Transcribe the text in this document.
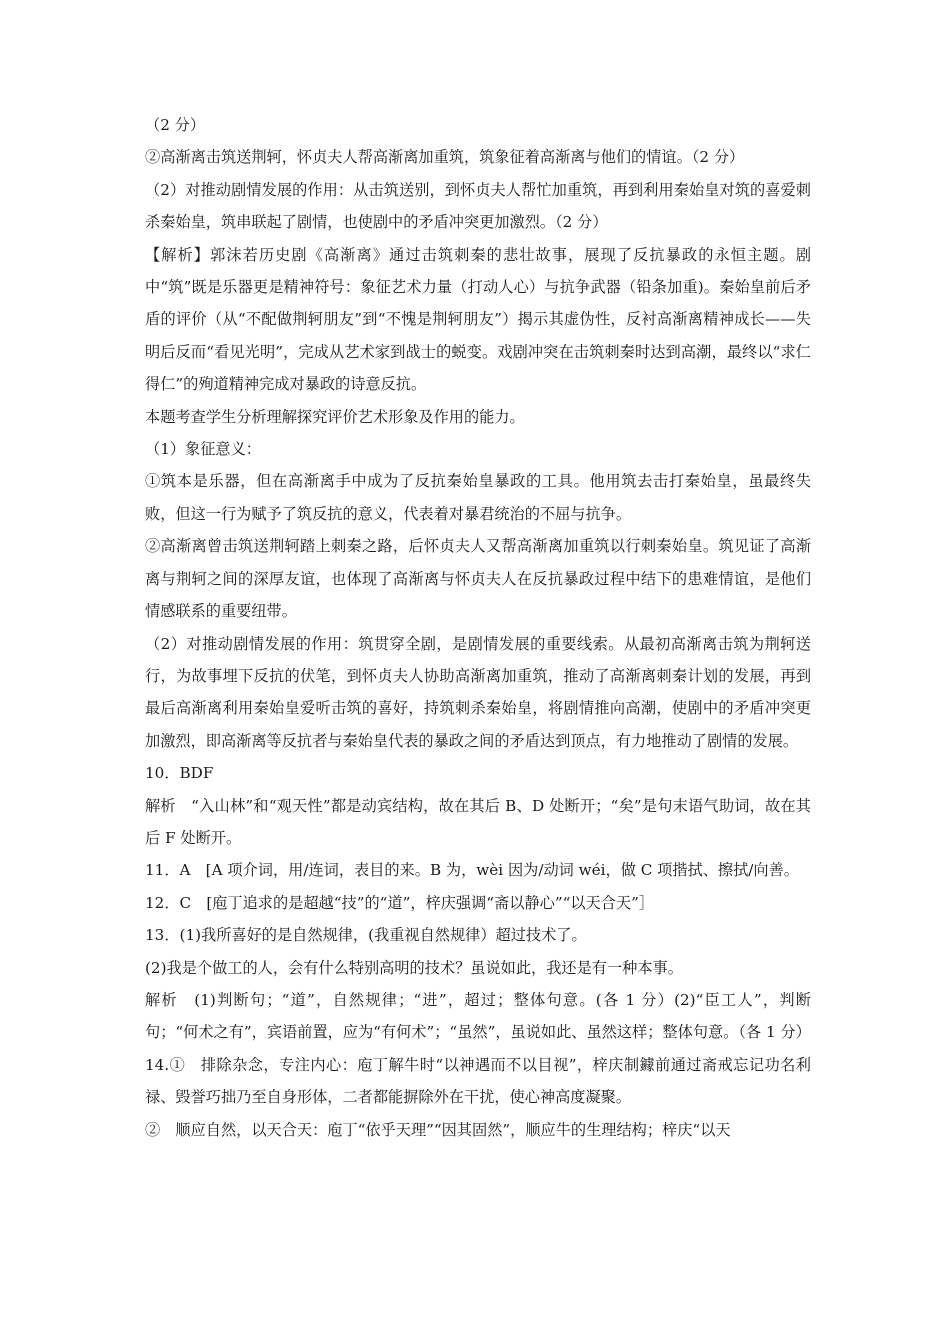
（2 分）

②高渐离击筑送荆轲，怀贞夫人帮高渐离加重筑，筑象征着高渐离与他们的情谊。（2 分）

（2）对推动剧情发展的作用：从击筑送别，到怀贞夫人帮忙加重筑，再到利用秦始皇对筑的喜爱刺杀秦始皇，筑串联起了剧情，也使剧中的矛盾冲突更加激烈。（2 分）

【解析】郭沫若历史剧《高渐离》通过击筑刺秦的悲壮故事，展现了反抗暴政的永恒主题。剧中“筑”既是乐器更是精神符号：象征艺术力量（打动人心）与抗争武器（铅条加重)。秦始皇前后矛盾的评价（从“不配做荆轲朋友”到“不愧是荆轲朋友”）揭示其虚伪性，反衬高渐离精神成长——失明后反而“看见光明”，完成从艺术家到战士的蜕变。戏剧冲突在击筑刺秦时达到高潮，最终以“求仁得仁”的殉道精神完成对暴政的诗意反抗。

本题考查学生分析理解探究评价艺术形象及作用的能力。

（1）象征意义：

①筑本是乐器，但在高渐离手中成为了反抗秦始皇暴政的工具。他用筑去击打秦始皇，虽最终失败，但这一行为赋予了筑反抗的意义，代表着对暴君统治的不屈与抗争。

②高渐离曾击筑送荆轲踏上刺秦之路，后怀贞夫人又帮高渐离加重筑以行刺秦始皇。筑见证了高渐离与荆轲之间的深厚友谊，也体现了高渐离与怀贞夫人在反抗暴政过程中结下的患难情谊，是他们情感联系的重要纽带。

（2）对推动剧情发展的作用：筑贯穿全剧，是剧情发展的重要线索。从最初高渐离击筑为荆轲送行，为故事埋下反抗的伏笔，到怀贞夫人协助高渐离加重筑，推动了高渐离刺秦计划的发展，再到最后高渐离利用秦始皇爱听击筑的喜好，持筑刺杀秦始皇，将剧情推向高潮，使剧中的矛盾冲突更加激烈，即高渐离等反抗者与秦始皇代表的暴政之间的矛盾达到顶点，有力地推动了剧情的发展。

10．BDF

解析　“入山林”和“观天性”都是动宾结构，故在其后 B、D 处断开；“矣”是句末语气助词，故在其后 F 处断开。

11．A　[A 项介词，用/连词，表目的来。B 为，wèi 因为/动词 wéi，做 C 项揩拭、擦拭/向善。

12．C　[庖丁追求的是超越“技”的“道”，梓庆强调“斋以静心”“以天合天”］

13．(1)我所喜好的是自然规律，(我重视自然规律）超过技术了。

(2)我是个做工的人，会有什么特别高明的技术？虽说如此，我还是有一种本事。

解析　(1)判断句；“道”，自然规律；“进”，超过；整体句意。(各 1 分）(2)“臣工人”，判断句；“何术之有”，宾语前置，应为“有何术”；“虽然”，虽说如此、虽然这样；整体句意。（各 1 分）

14.①　排除杂念，专注内心：庖丁解牛时“以神遇而不以目视”，梓庆制鐻前通过斋戒忘记功名利禄、毁誉巧拙乃至自身形体，二者都能摒除外在干扰，使心神高度凝聚。

②　顺应自然，以天合天：庖丁“依乎天理”“因其固然”，顺应牛的生理结构；梓庆“以天
